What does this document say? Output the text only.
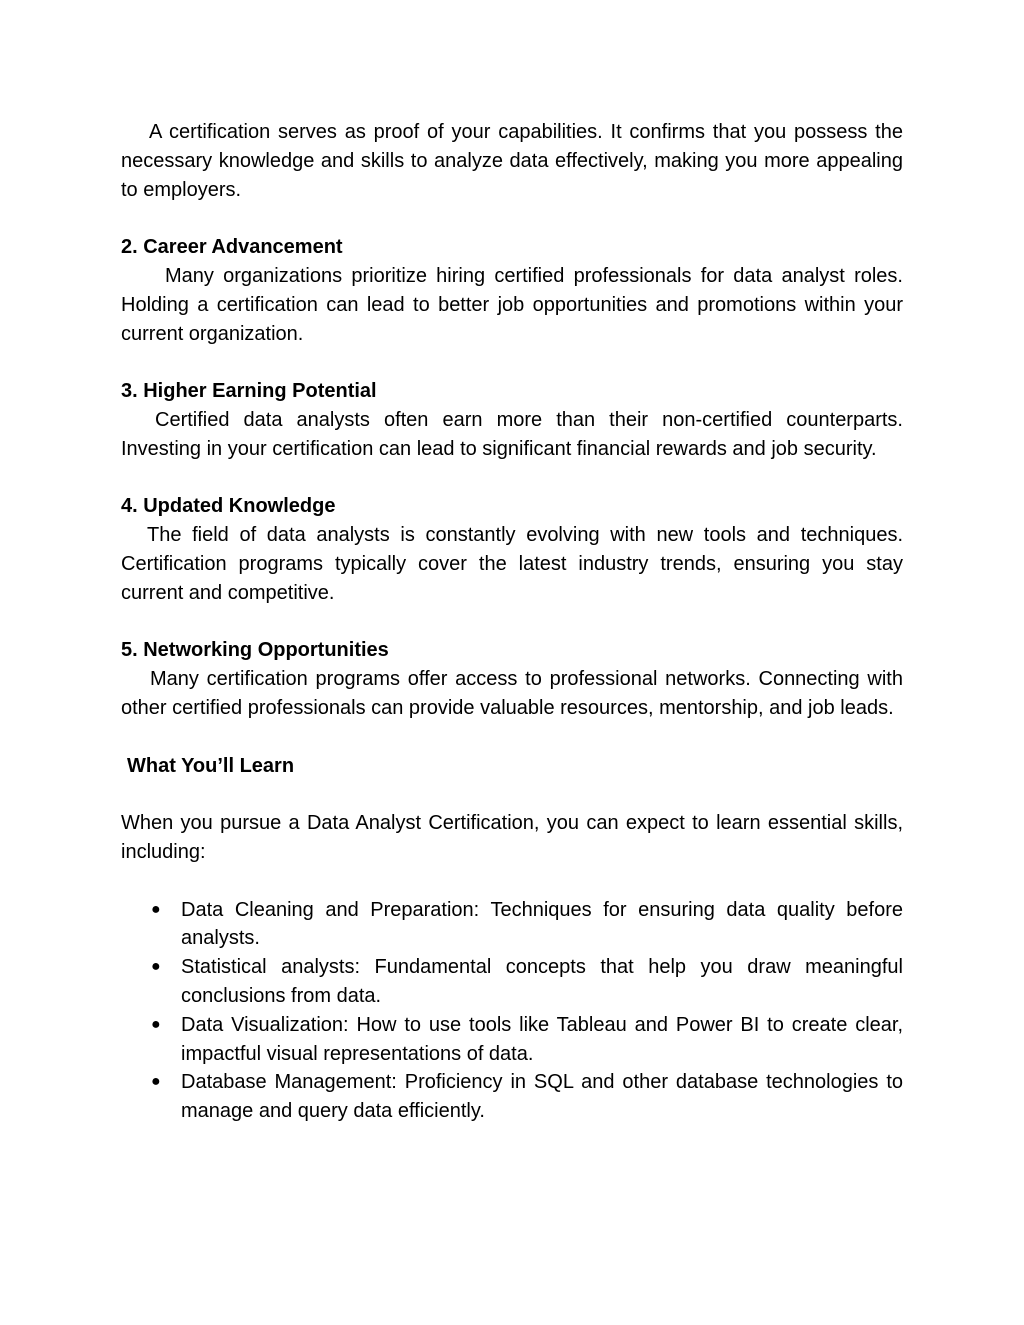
A certification serves as proof of your capabilities. It confirms that you possess the necessary knowledge and skills to analyze data effectively, making you more appealing to employers.

2. Career Advancement

Many organizations prioritize hiring certified professionals for data analyst roles. Holding a certification can lead to better job opportunities and promotions within your current organization.

3. Higher Earning Potential

Certified data analysts often earn more than their non-certified counterparts. Investing in your certification can lead to significant financial rewards and job security.

4. Updated Knowledge

The field of data analysts is constantly evolving with new tools and techniques. Certification programs typically cover the latest industry trends, ensuring you stay current and competitive.

5. Networking Opportunities

Many certification programs offer access to professional networks. Connecting with other certified professionals can provide valuable resources, mentorship, and job leads.

What You’ll Learn

When you pursue a Data Analyst Certification, you can expect to learn essential skills, including:

● Data Cleaning and Preparation: Techniques for ensuring data quality before analysts.
● Statistical analysts: Fundamental concepts that help you draw meaningful conclusions from data.
● Data Visualization: How to use tools like Tableau and Power BI to create clear, impactful visual representations of data.
● Database Management: Proficiency in SQL and other database technologies to manage and query data efficiently.
